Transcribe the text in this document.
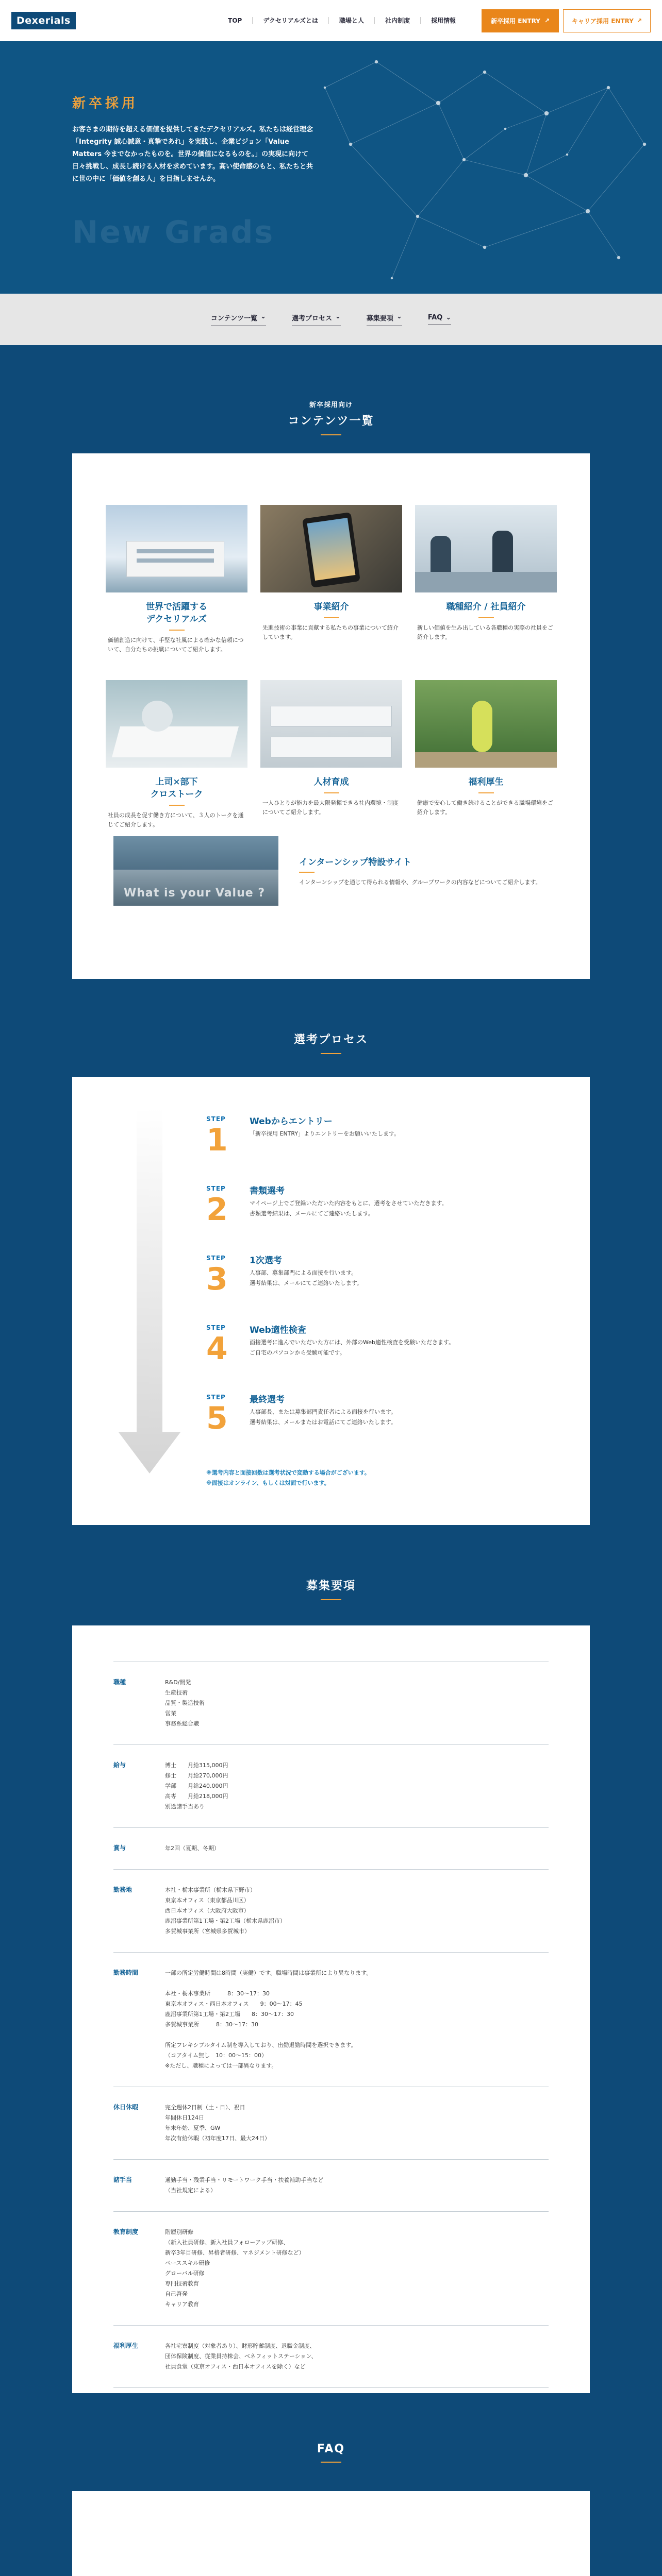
Dexerials	TOP	デクセリアルズとは	職場と人	社内制度	採用情報	新卒採用 ENTRY ↗	キャリア採用 ENTRY ↗
新卒採用

お客さまの期待を超える価値を提供してきたデクセリアルズ。私たちは経営理念「Integrity 誠心誠意・真摯であれ」を実践し、企業ビジョン「Value Matters 今までなかったものを。世界の価値になるものを。」の実現に向けて日々挑戦し、成長し続ける人材を求めています。高い使命感のもと、私たちと共に世の中に「価値を創る人」を目指しませんか。

New Grads
コンテンツ一覧 ⌄	選考プロセス ⌄	募集要項 ⌄	FAQ ⌄
新卒採用向け
コンテンツ一覧
世界で活躍する
デクセリアルズ

価値創造に向けて、手堅な社風による確かな信頼について、自分たちの挑戦についてご紹介します。

事業紹介

先進技術の事業に貢献する私たちの事業について紹介しています。

職種紹介 / 社員紹介

新しい価値を生み出している各職種の実際の社員をご紹介します。

上司×部下
クロストーク

社員の成長を促す働き方について、３人のトークを通じてご紹介します。

人材育成

一人ひとりが能力を最大限発揮できる社内環境・制度についてご紹介します。

福利厚生

健康で安心して働き続けることができる職場環境をご紹介します。

What is your Value ?
インターンシップ特設サイト

インターンシップを通じて得られる情報や、グループワークの内容などについてご紹介します。

選考プロセス
STEP
1
Webからエントリー

「新卒採用 ENTRY」よりエントリーをお願いいたします。

STEP
2
書類選考

マイページ上でご登録いただいた内容をもとに、選考をさせていただきます。
書類選考結果は、メールにてご連絡いたします。

STEP
3
1次選考

人事部、募集部門による面接を行います。
選考結果は、メールにてご連絡いたします。

STEP
4
Web適性検査

面接選考に進んでいただいた方には、外部のWeb適性検査を受験いただきます。
ご自宅のパソコンから受験可能です。

STEP
5
最終選考

人事部長、または募集部門責任者による面接を行います。
選考結果は、メールまたはお電話にてご連絡いたします。

※選考内容と面接回数は選考状況で変動する場合がございます。

※面接はオンライン、もしくは対面で行います。

募集要項
職種	R&D/開発
生産技術
品質・製造技術
営業
事務系総合職
給与	博士　　月給315,000円
修士　　月給270,000円
学部　　月給240,000円
高専　　月給218,000円
別途諸手当あり
賞与	年2回（夏期、冬期）
勤務地	本社・栃木事業所（栃木県下野市）
東京本オフィス（東京都品川区）
西日本オフィス（大阪府大阪市）
鹿沼事業所第1工場・第2工場（栃木県鹿沼市）
多賀城事業所（宮城県多賀城市）
勤務時間	一部の所定労働時間は8時間（実働）です。職場時間は事業所により異なります。

本社・栃木事業所　　　8：30〜17：30
東京本オフィス・西日本オフィス　　9：00〜17：45
鹿沼事業所第1工場・第2工場　　8：30〜17：30
多賀城事業所　　　8：30〜17：30

所定フレキシブルタイム制を導入しており、出勤退勤時間を選択できます。
（コアタイム無し　10：00〜15：00）
※ただし、職種によっては一部異なります。
休日休暇	完全週休2日制（土・日）、祝日
年間休日124日
年末年始、夏季、GW
年次有給休暇（初年度17日、最大24日）
諸手当	通勤手当・残業手当・リモートワーク手当・扶養補助手当など
（当社規定による）
教育制度	階層別研修
（新入社員研修、新入社員フォローアップ研修、
新卒3年目研修、昇格者研修、マネジメント研修など）
ベーススキル研修
グローバル研修
専門技術教育
自己啓発
キャリア教育
福利厚生	各社宅寮制度（対象者あり）、財形貯蓄制度、退職金制度、
団体保険制度、従業員持株会、ベネフィットステーション、
社員食堂（東京オフィス・西日本オフィスを除く）など
FAQ
